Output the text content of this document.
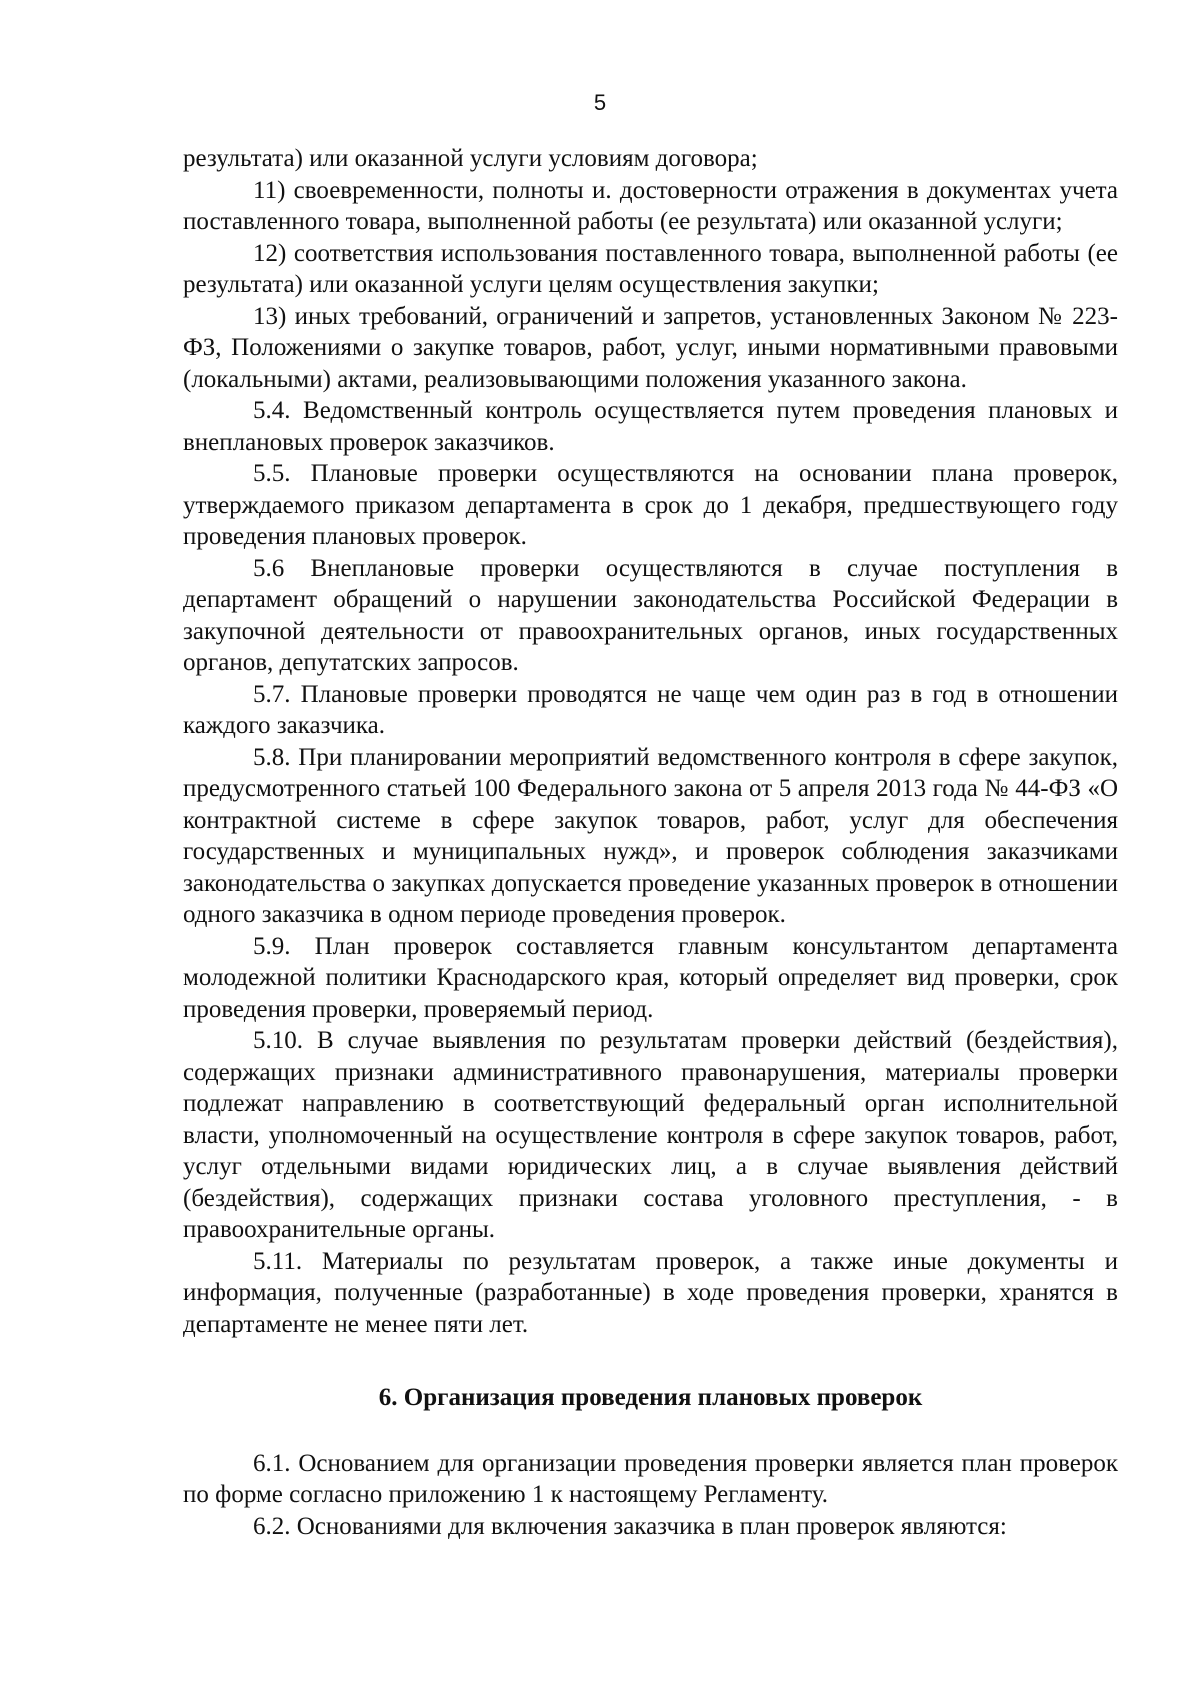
5

результата) или оказанной услуги условиям договора;

11) своевременности, полноты и. достоверности отражения в документах учета поставленного товара, выполненной работы (ее результата) или оказанной услуги;

12) соответствия использования поставленного товара, выполненной работы (ее результата) или оказанной услуги целям осуществления закупки;

13) иных требований, ограничений и запретов, установленных Законом № 223-ФЗ, Положениями о закупке товаров, работ, услуг, иными нормативными правовыми (локальными) актами, реализовывающими положения указанного закона.

5.4. Ведомственный контроль осуществляется путем проведения плановых и внеплановых проверок заказчиков.

5.5. Плановые проверки осуществляются на основании плана проверок, утверждаемого приказом департамента в срок до 1 декабря, предшествующего году проведения плановых проверок.

5.6 Внеплановые проверки осуществляются в случае поступления в департамент обращений о нарушении законодательства Российской Федерации в закупочной деятельности от правоохранительных органов, иных государственных органов, депутатских запросов.

5.7. Плановые проверки проводятся не чаще чем один раз в год в отношении каждого заказчика.

5.8. При планировании мероприятий ведомственного контроля в сфере закупок, предусмотренного статьей 100 Федерального закона от 5 апреля 2013 года № 44-ФЗ «О контрактной системе в сфере закупок товаров, работ, услуг для обеспечения государственных и муниципальных нужд», и проверок соблюдения заказчиками законодательства о закупках допускается проведение указанных проверок в отношении одного заказчика в одном периоде проведения проверок.

5.9. План проверок составляется главным консультантом департамента молодежной политики Краснодарского края, который определяет вид проверки, срок проведения проверки, проверяемый период.

5.10. В случае выявления по результатам проверки действий (бездействия), содержащих признаки административного правонарушения, материалы проверки подлежат направлению в соответствующий федеральный орган исполнительной власти, уполномоченный на осуществление контроля в сфере закупок товаров, работ, услуг отдельными видами юридических лиц, а в случае выявления действий (бездействия), содержащих признаки состава уголовного преступления, - в правоохранительные органы.

5.11. Материалы по результатам проверок, а также иные документы и информация, полученные (разработанные) в ходе проведения проверки, хранятся в департаменте не менее пяти лет.

6. Организация проведения плановых проверок

6.1. Основанием для организации проведения проверки является план проверок по форме согласно приложению 1 к настоящему Регламенту.

6.2. Основаниями для включения заказчика в план проверок являются:
